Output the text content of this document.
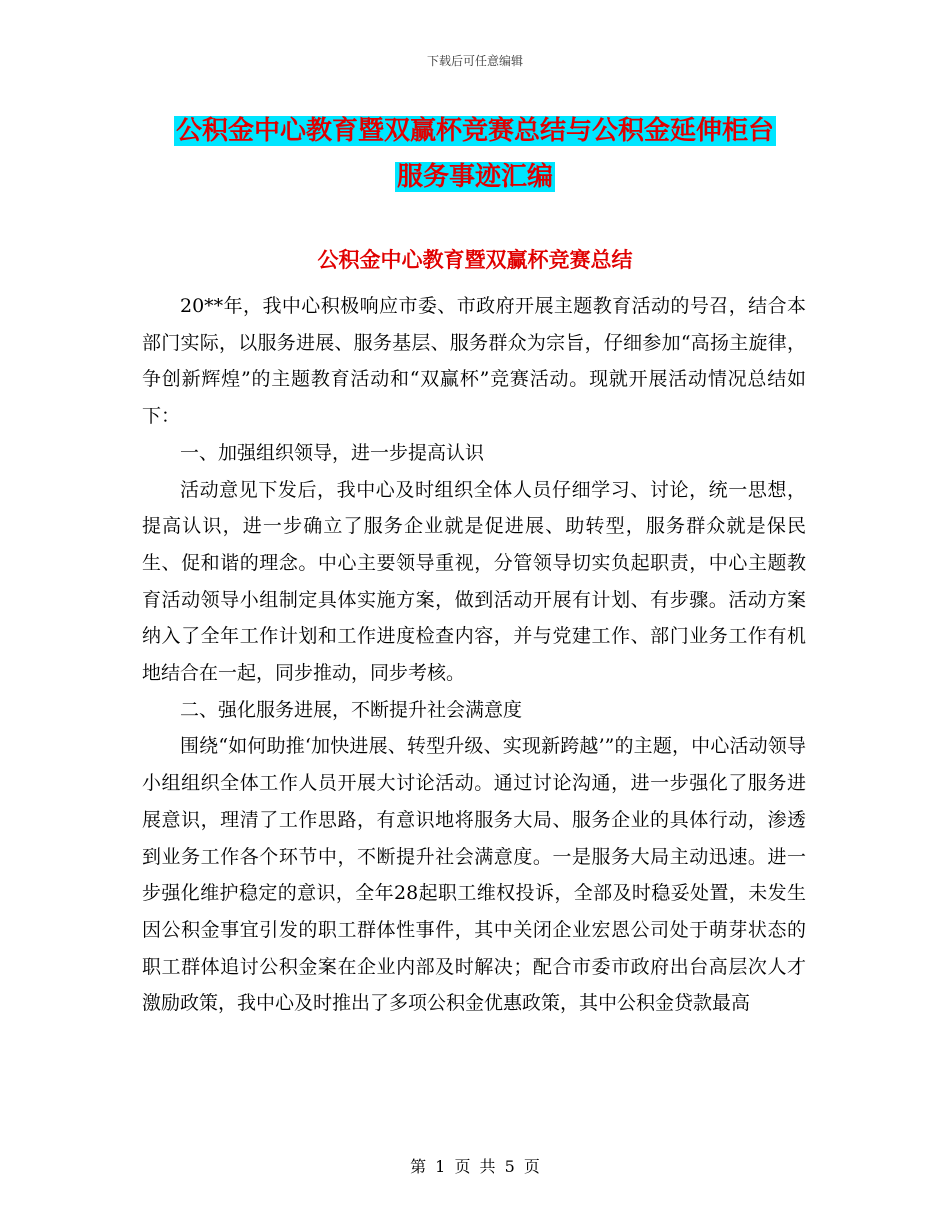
下载后可任意编辑
公积金中心教育暨双赢杯竞赛总结与公积金延伸柜台
服务事迹汇编
公积金中心教育暨双赢杯竞赛总结

20**年，我中心积极响应市委、市政府开展主题教育活动的号召，结合本部门实际，以服务进展、服务基层、服务群众为宗旨，仔细参加“高扬主旋律，争创新辉煌”的主题教育活动和“双赢杯”竞赛活动。现就开展活动情况总结如下：

一、加强组织领导，进一步提高认识

活动意见下发后，我中心及时组织全体人员仔细学习、讨论，统一思想，提高认识，进一步确立了服务企业就是促进展、助转型，服务群众就是保民生、促和谐的理念。中心主要领导重视，分管领导切实负起职责，中心主题教育活动领导小组制定具体实施方案，做到活动开展有计划、有步骤。活动方案纳入了全年工作计划和工作进度检查内容，并与党建工作、部门业务工作有机地结合在一起，同步推动，同步考核。

二、强化服务进展，不断提升社会满意度

围绕“如何助推‘加快进展、转型升级、实现新跨越’”的主题，中心活动领导小组组织全体工作人员开展大讨论活动。通过讨论沟通，进一步强化了服务进展意识，理清了工作思路，有意识地将服务大局、服务企业的具体行动，渗透到业务工作各个环节中，不断提升社会满意度。一是服务大局主动迅速。进一步强化维护稳定的意识，全年28起职工维权投诉，全部及时稳妥处置，未发生因公积金事宜引发的职工群体性事件，其中关闭企业宏恩公司处于萌芽状态的职工群体追讨公积金案在企业内部及时解决；配合市委市政府出台高层次人才激励政策，我中心及时推出了多项公积金优惠政策，其中公积金贷款最高

第 1 页 共 5 页
